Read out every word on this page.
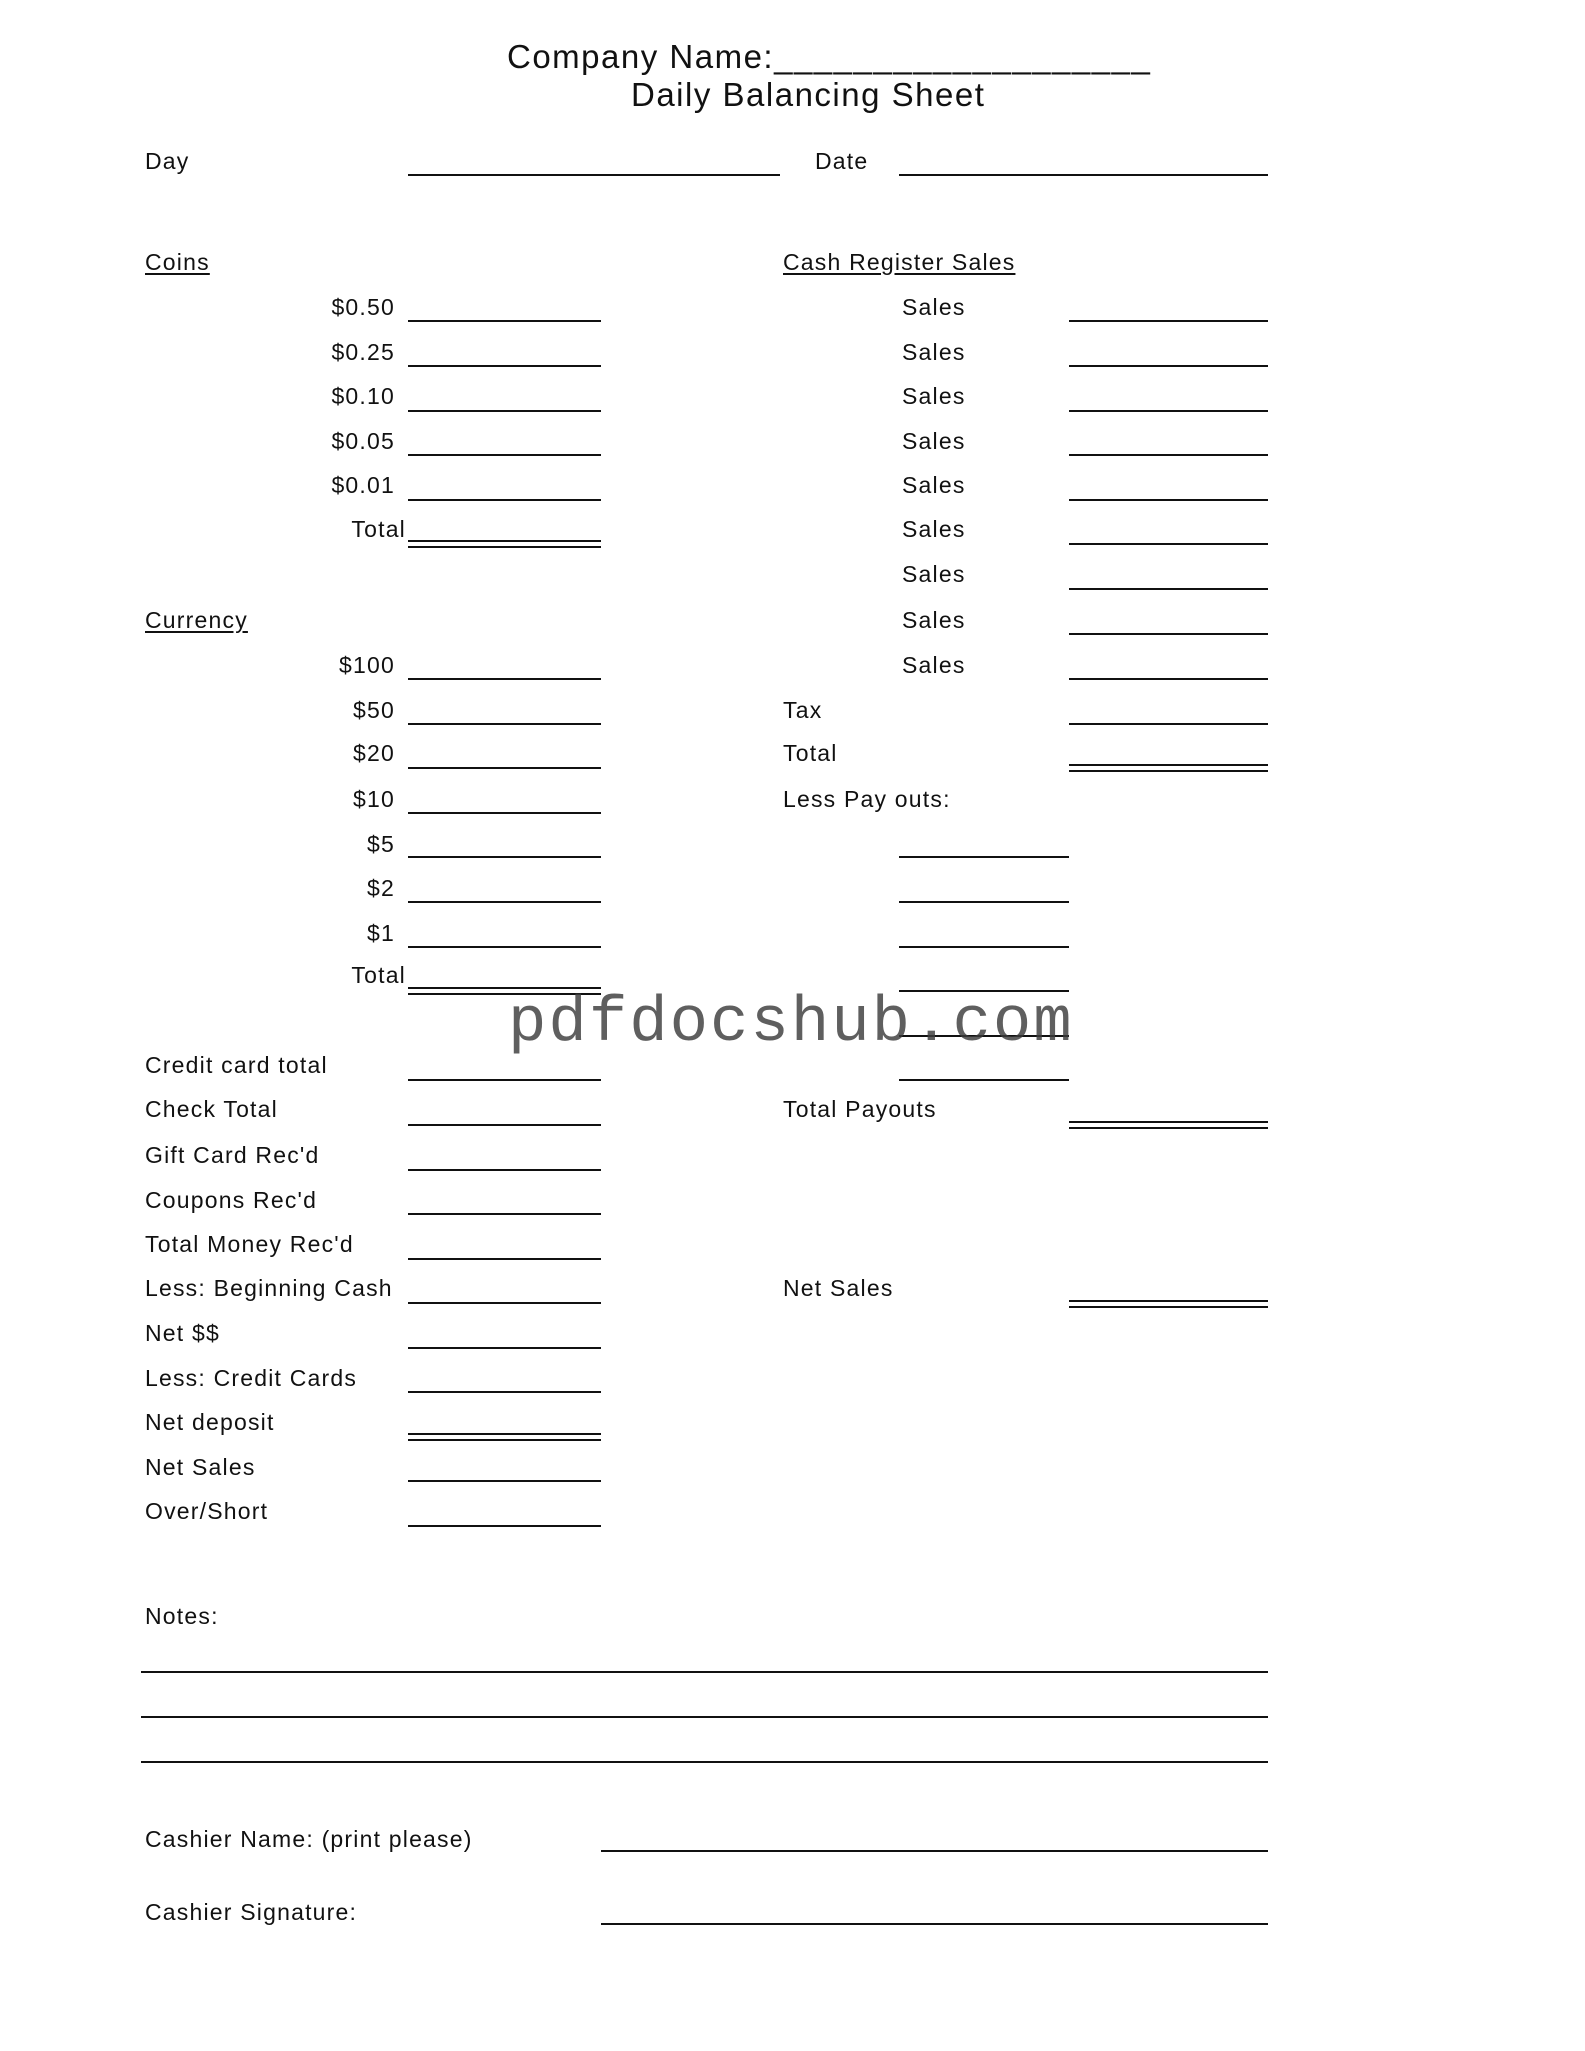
Company Name:___________________
Daily Balancing Sheet
Day	Date
Coins
$0.50
$0.25
$0.10
$0.05
$0.01
Total
Currency
$100
$50
$20
$10
$5
$2
$1
Total
Cash Register Sales
Sales
Sales
Sales
Sales
Sales
Sales
Sales
Sales
Sales
Tax
Total
Less Pay outs:
Total Payouts
Net Sales
Credit card total
Check Total
Gift Card Rec'd
Coupons Rec'd
Total Money Rec'd
Less: Beginning Cash
Net $$
Less: Credit Cards
Net deposit
Net Sales
Over/Short
Notes:
Cashier Name: (print please)
Cashier Signature:
pdfdocshub.com
